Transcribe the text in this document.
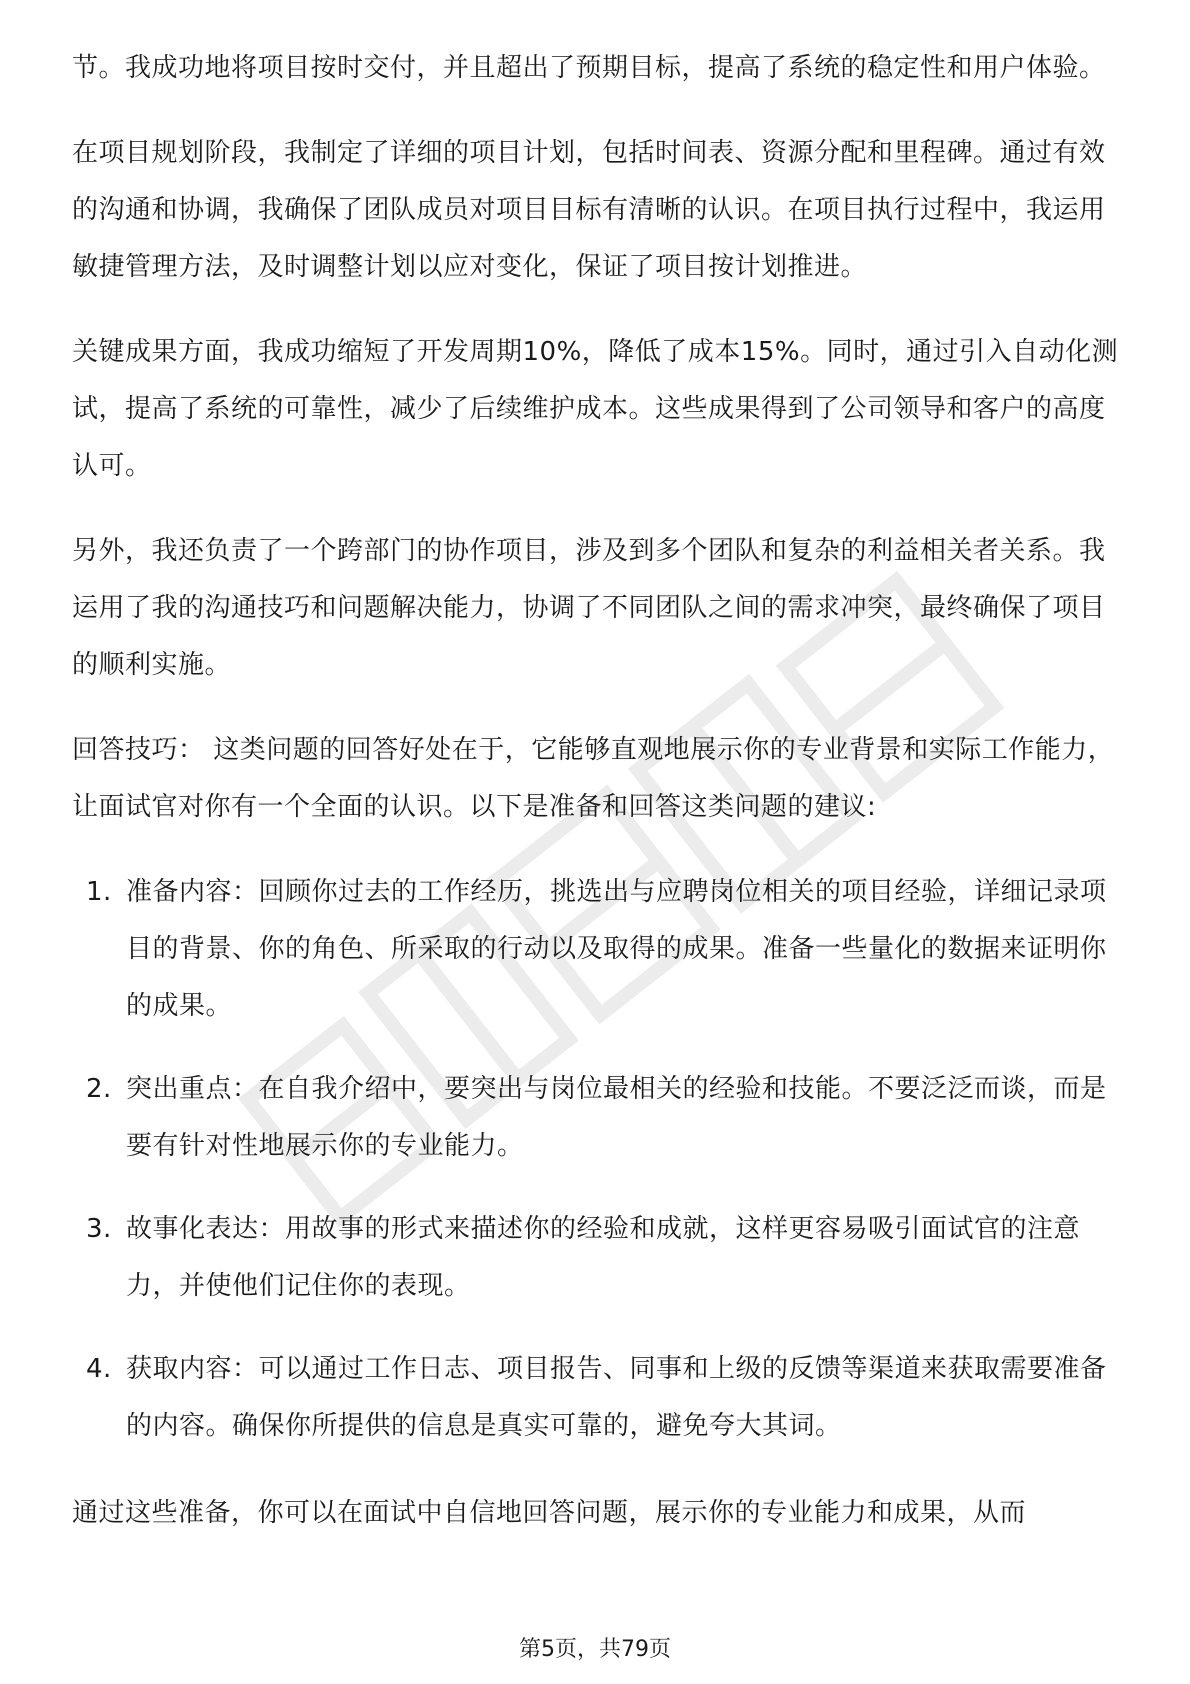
节。我成功地将项目按时交付，并且超出了预期目标，提高了系统的稳定性和用户体验。

在项目规划阶段，我制定了详细的项目计划，包括时间表、资源分配和里程碑。通过有效的沟通和协调，我确保了团队成员对项目目标有清晰的认识。在项目执行过程中，我运用敏捷管理方法，及时调整计划以应对变化，保证了项目按计划推进。

关键成果方面，我成功缩短了开发周期10%，降低了成本15%。同时，通过引入自动化测试，提高了系统的可靠性，减少了后续维护成本。这些成果得到了公司领导和客户的高度认可。

另外，我还负责了一个跨部门的协作项目，涉及到多个团队和复杂的利益相关者关系。我运用了我的沟通技巧和问题解决能力，协调了不同团队之间的需求冲突，最终确保了项目的顺利实施。

回答技巧： 这类问题的回答好处在于，它能够直观地展示你的专业背景和实际工作能力，让面试官对你有一个全面的认识。以下是准备和回答这类问题的建议:

1. 准备内容：回顾你过去的工作经历，挑选出与应聘岗位相关的项目经验，详细记录项目的背景、你的角色、所采取的行动以及取得的成果。准备一些量化的数据来证明你的成果。
2. 突出重点：在自我介绍中，要突出与岗位最相关的经验和技能。不要泛泛而谈，而是要有针对性地展示你的专业能力。
3. 故事化表达：用故事的形式来描述你的经验和成就，这样更容易吸引面试官的注意力，并使他们记住你的表现。
4. 获取内容：可以通过工作日志、项目报告、同事和上级的反馈等渠道来获取需要准备的内容。确保你所提供的信息是真实可靠的，避免夸大其词。

通过这些准备，你可以在面试中自信地回答问题，展示你的专业能力和成果，从而

第5页，共79页
